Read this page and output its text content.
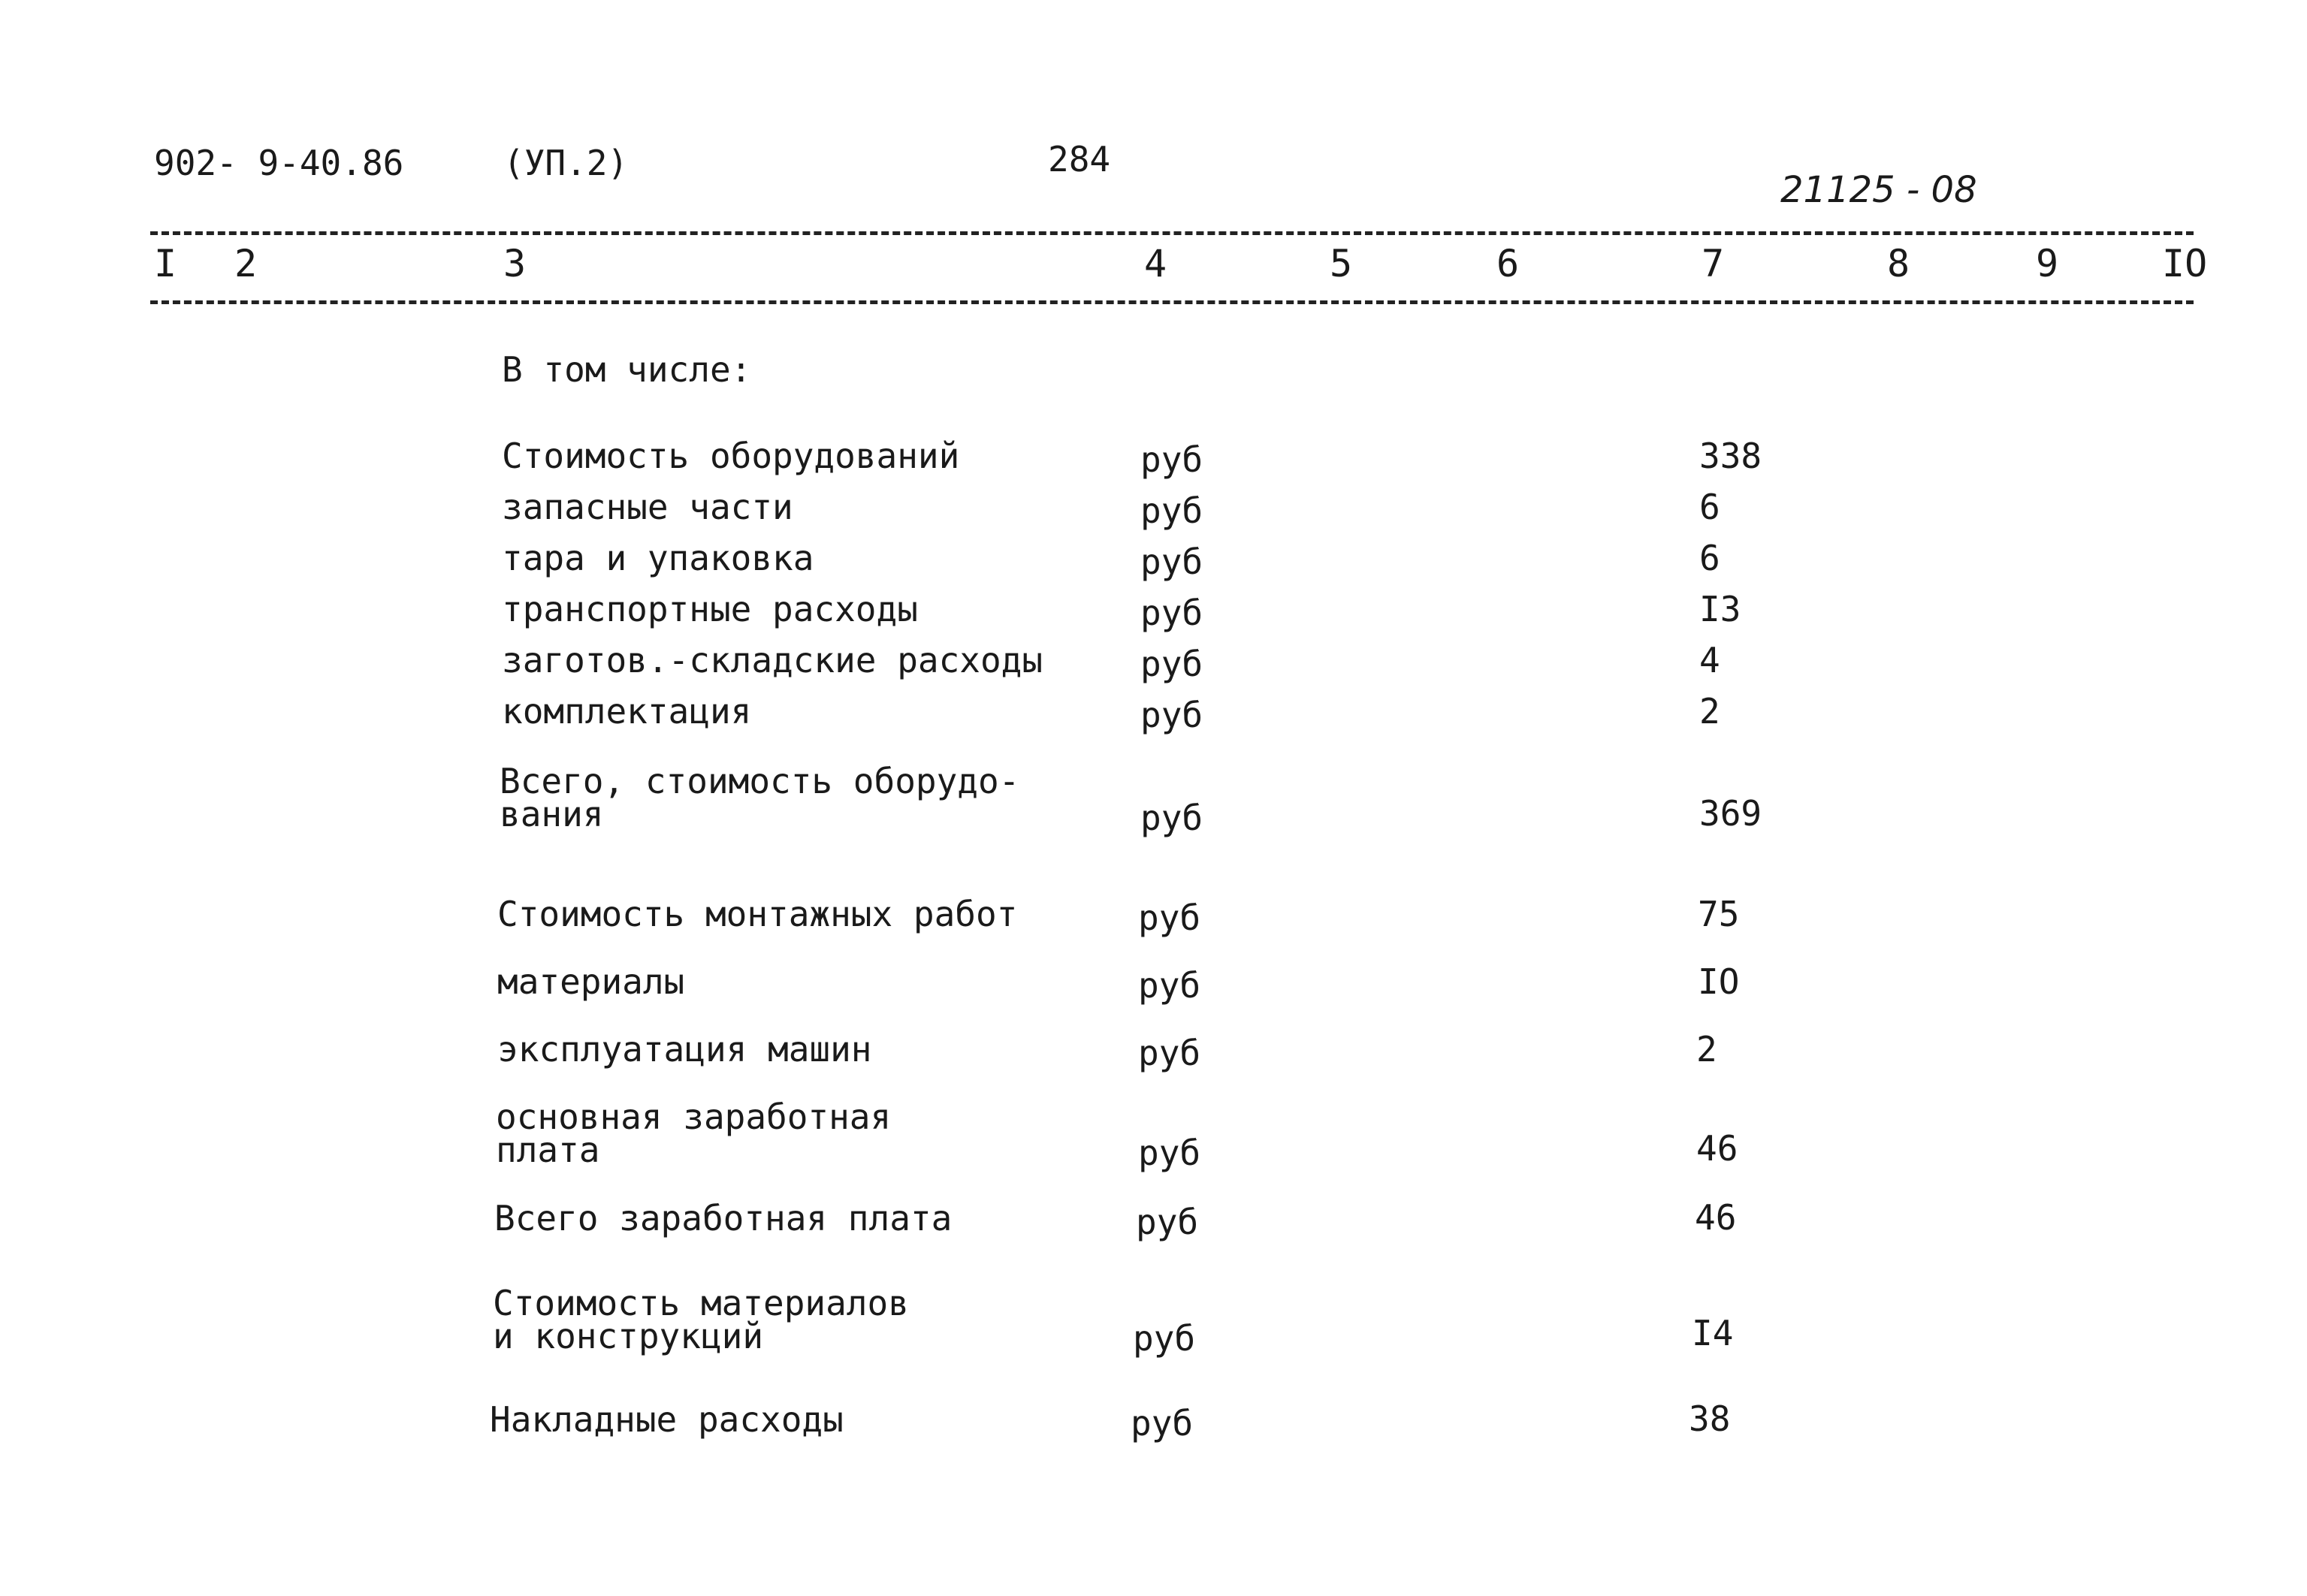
902- 9-40.86	(УП.2)	284
21125 - 08
I 2	3	4	5	6	7	8	9	IO
В том числе:
Стоимость оборудований	руб	338
запасные части	руб	6
тара и упаковка	руб	6
транспортные расходы	руб	I3
заготов.-складские расходы	руб	4
комплектация	руб	2
Всего, стоимость оборудо-
вания	руб	369
Стоимость монтажных работ	руб	75
материалы	руб	IO
эксплуатация машин	руб	2
основная заработная
плата	руб	46
Всего заработная плата	руб	46
Стоимость материалов
и конструкций	руб	I4
Накладные расходы	руб	38
